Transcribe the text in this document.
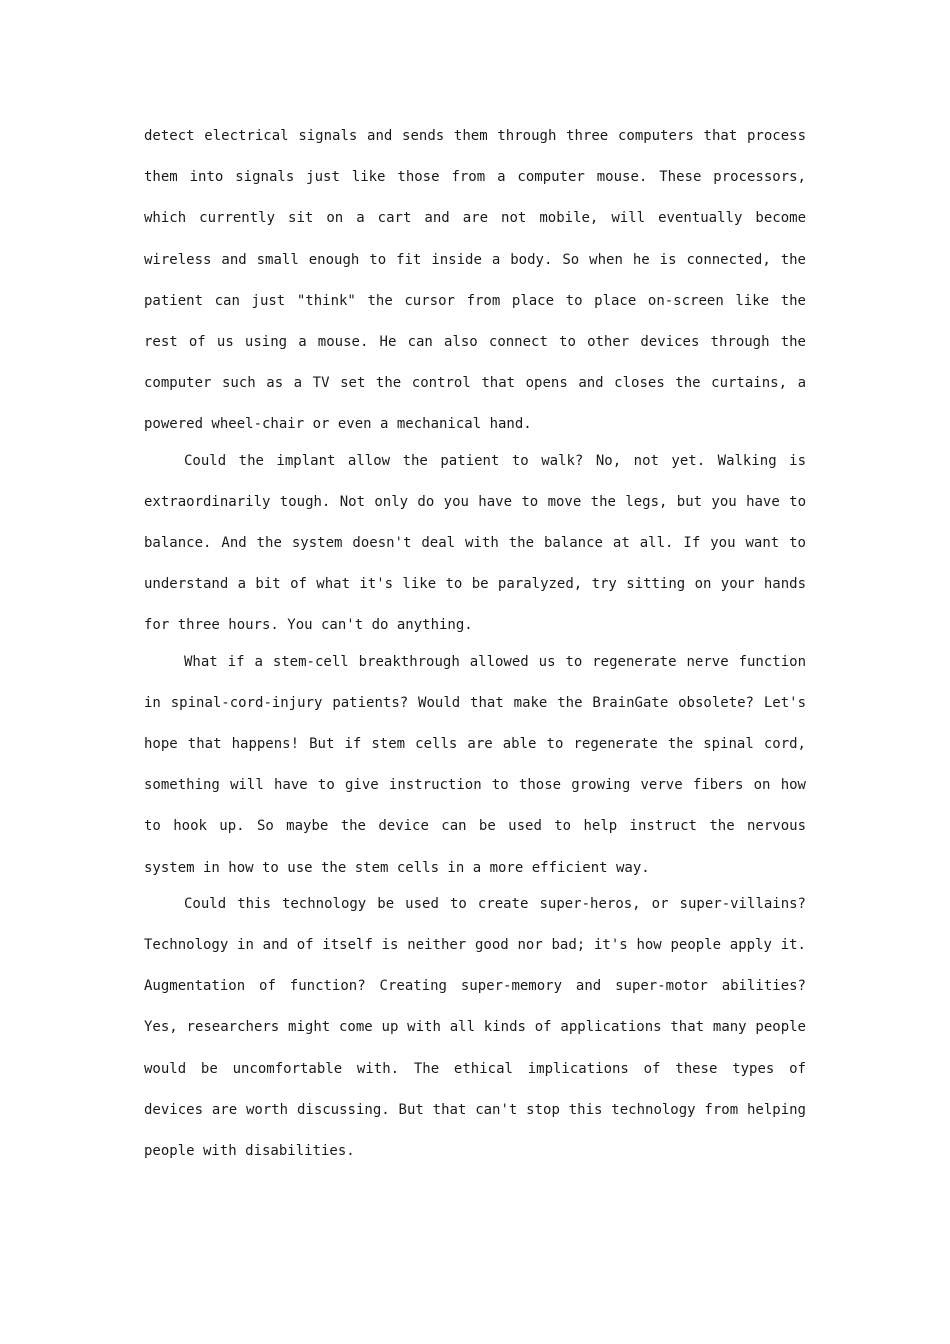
detect electrical signals and sends them through three computers that process them into signals just like those from a computer mouse. These processors, which currently sit on a cart and are not mobile, will eventually become wireless and small enough to fit inside a body. So when he is connected, the patient can just "think" the cursor from place to place on-screen like the rest of us using a mouse. He can also connect to other devices through the computer such as a TV set the control that opens and closes the curtains, a powered wheel-chair or even a mechanical hand.

Could the implant allow the patient to walk? No, not yet. Walking is extraordinarily tough. Not only do you have to move the legs, but you have to balance. And the system doesn't deal with the balance at all. If you want to understand a bit of what it's like to be paralyzed, try sitting on your hands for three hours. You can't do anything.

What if a stem-cell breakthrough allowed us to regenerate nerve function in spinal-cord-injury patients? Would that make the BrainGate obsolete? Let's hope that happens! But if stem cells are able to regenerate the spinal cord, something will have to give instruction to those growing verve fibers on how to hook up. So maybe the device can be used to help instruct the nervous system in how to use the stem cells in a more efficient way.

Could this technology be used to create super-heros, or super-villains? Technology in and of itself is neither good nor bad; it's how people apply it. Augmentation of function? Creating super-memory and super-motor abilities? Yes, researchers might come up with all kinds of applications that many people would be uncomfortable with. The ethical implications of these types of devices are worth discussing. But that can't stop this technology from helping people with disabilities.
